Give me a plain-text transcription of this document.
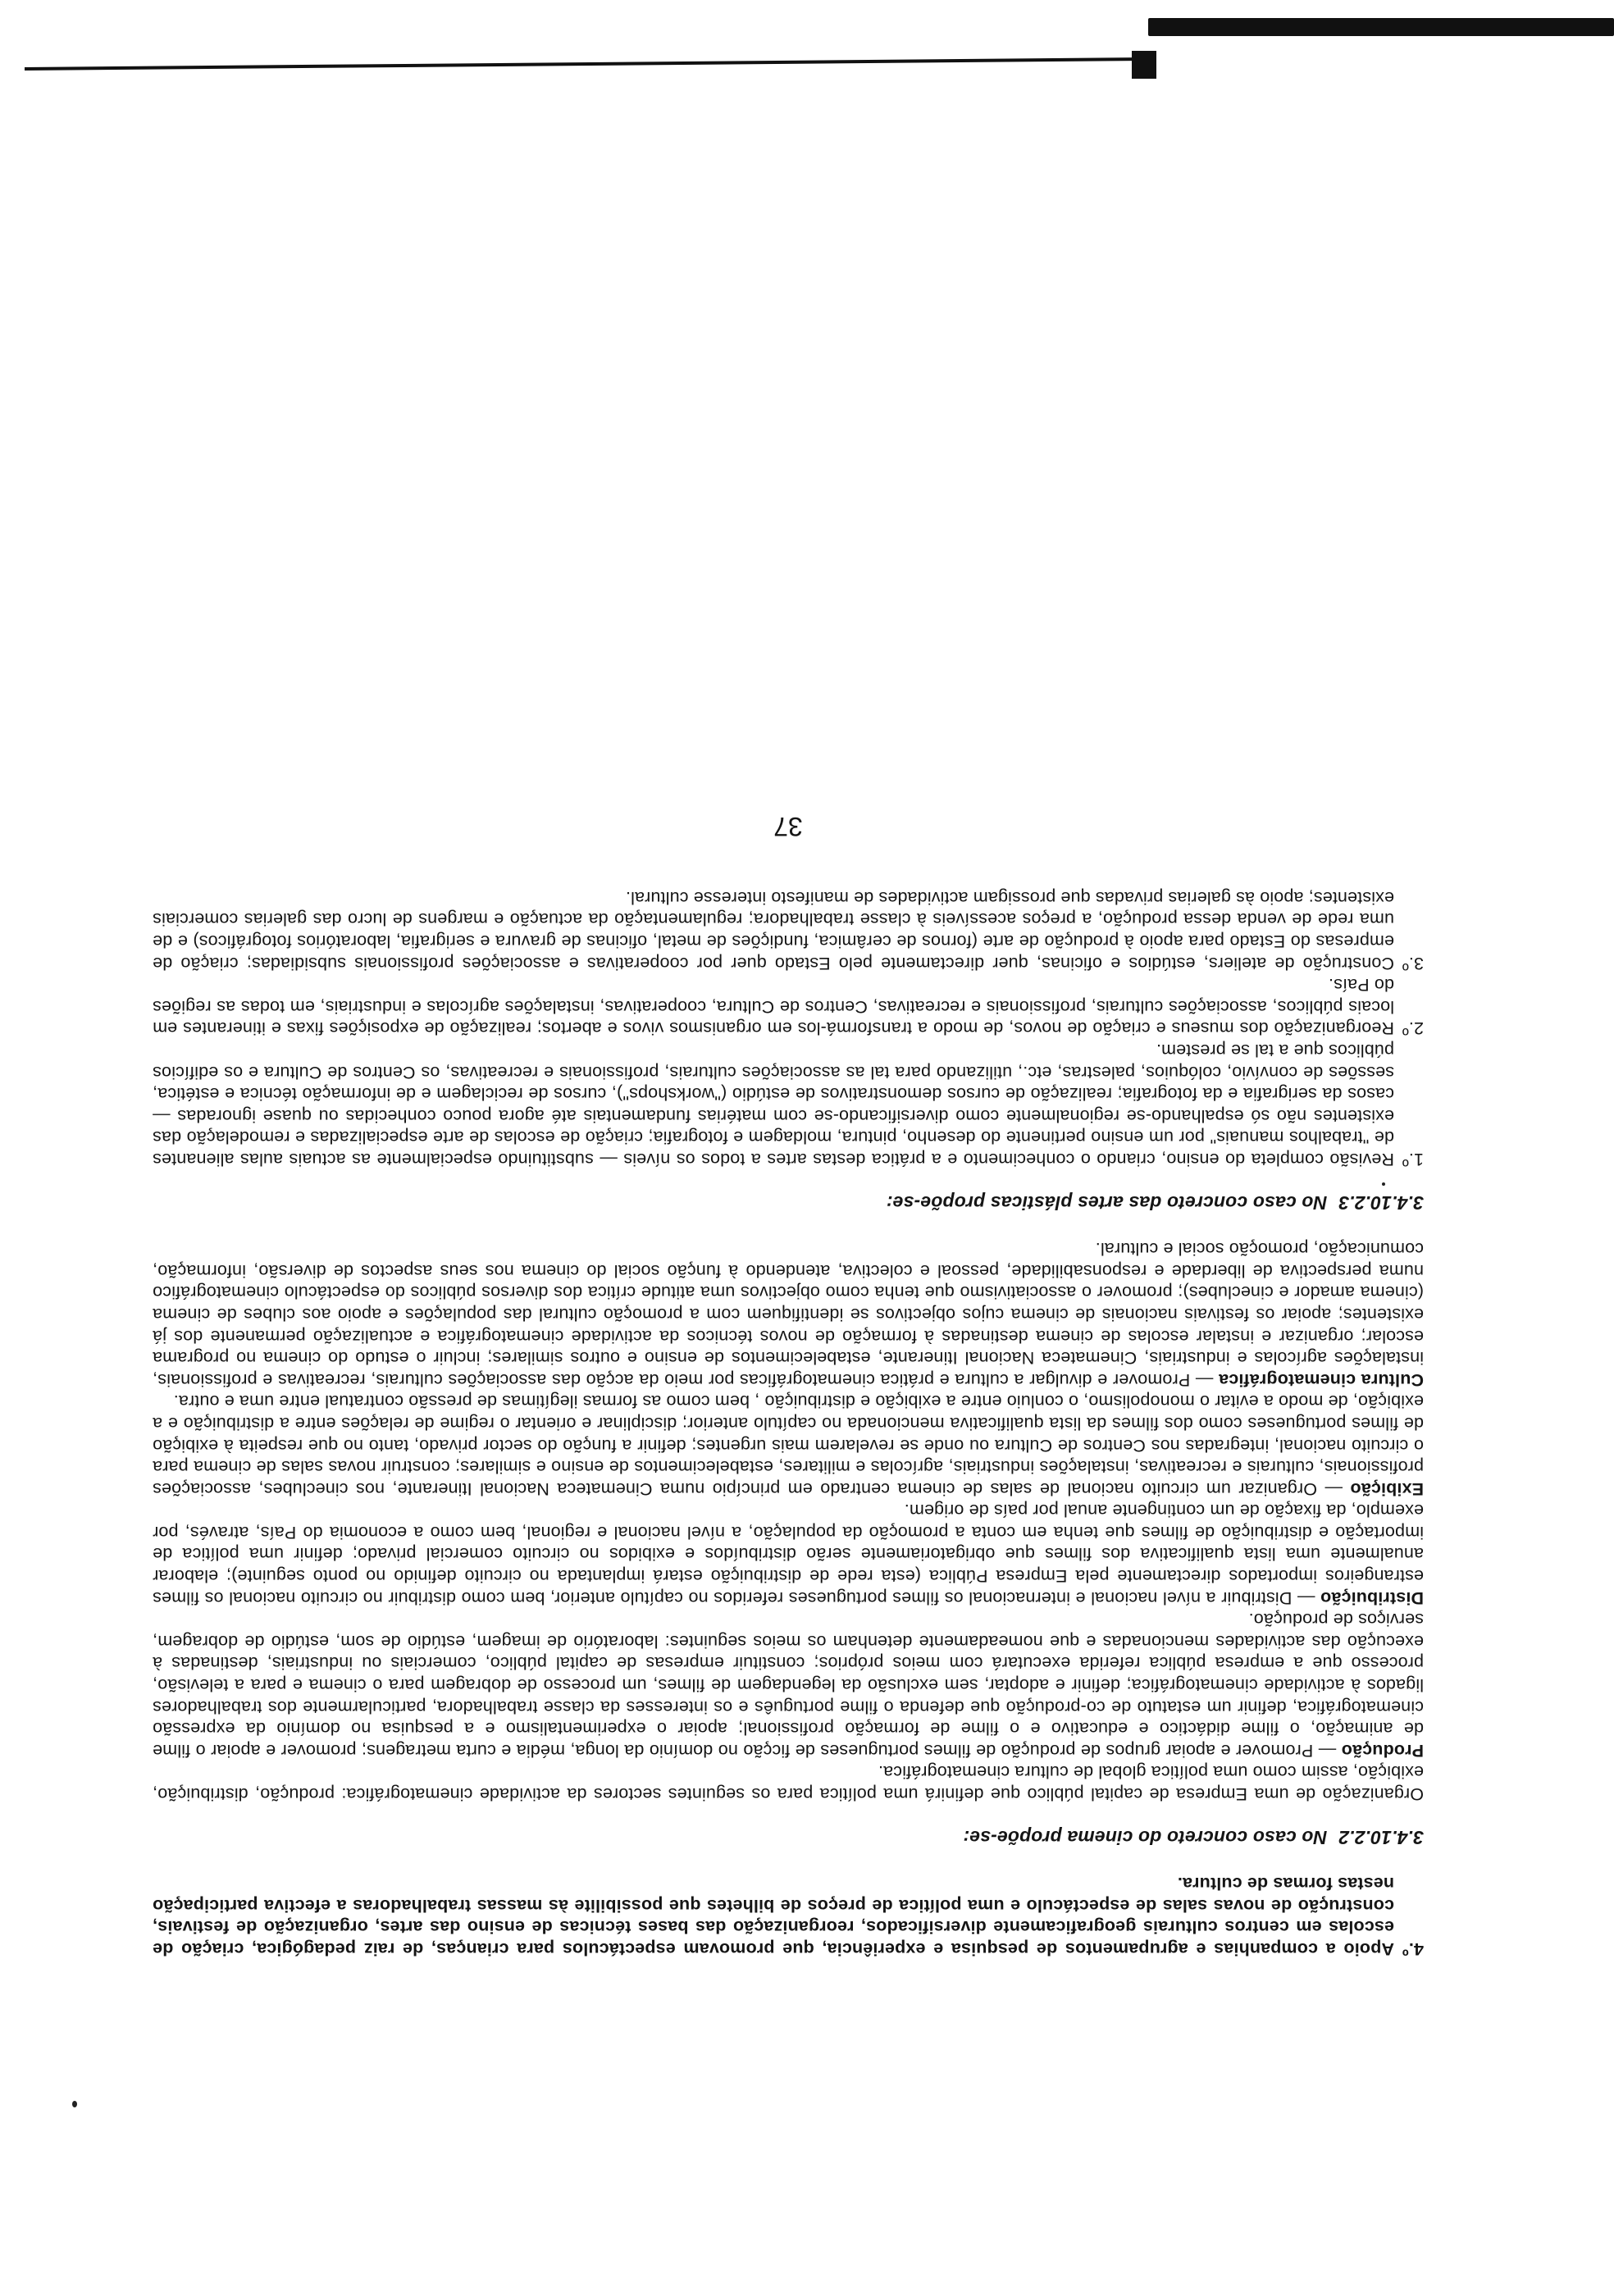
4.ºApoio a companhias e agrupamentos de pesquisa e experiência, que promovam espectáculos para crianças, de raiz pedagógica, criação de escolas em centros culturais geograficamente diversificados, reorganização das bases técnicas de ensino das artes, organização de festivais, construção de novas salas de espectáculo e uma política de preços de bilhetes que possibilite às massas trabalhadoras a efectiva participação nestas formas de cultura.

3.4.10.2.2No caso concreto do cinema propõe-se:

Organização de uma Empresa de capital público que definirá uma política para os seguintes sectores da actividade cinematográfica: produção, distribuição, exibição, assim como uma política global de cultura cinematográfica.

Produção — Promover e apoiar grupos de produção de filmes portugueses de ficção no domínio da longa, média e curta metragens; promover e apoiar o filme de animação, o filme didáctico e educativo e o filme de formação profissional; apoiar o experimentalismo e a pesquisa no domínio da expressão cinematográfica, definir um estatuto de co-produção que defenda o filme português e os interesses da classe trabalhadora, particularmente dos trabalhadores ligados à actividade cinematográfica; definir e adoptar, sem exclusão da legendagem de filmes, um processo de dobragem para o cinema e para a televisão, processo que a empresa pública referida executará com meios próprios; constituir empresas de capital público, comerciais ou industriais, destinadas à execução das actividades mencionadas e que nomeadamente detenham os meios seguintes: laboratório de imagem, estúdio de som, estúdio de dobragem, serviços de produção.

Distribuição — Distribuir a nível nacional e internacional os filmes portugueses referidos no capítulo anterior, bem como distribuir no circuito nacional os filmes estrangeiros importados directamente pela Empresa Pública (esta rede de distribuição estará implantada no circuito definido no ponto seguinte); elaborar anualmente uma lista qualificativa dos filmes que obrigatoriamente serão distribuídos e exibidos no circuito comercial privado; definir uma política de importação e distribuição de filmes que tenha em conta a promoção da população, a nível nacional e regional, bem como a economia do País, através, por exemplo, da fixação de um contingente anual por país de origem.

Exibição — Organizar um circuito nacional de salas de cinema centrado em princípio numa Cinemateca Nacional Itinerante, nos cineclubes, associações profissionais, culturais e recreativas, instalações industriais, agrícolas e militares, estabelecimentos de ensino e similares; construir novas salas de cinema para o circuito nacional, integradas nos Centros de Cultura ou onde se revelarem mais urgentes; definir a função do sector privado, tanto no que respeita à exibição de filmes portugueses como dos filmes da lista qualificativa mencionada no capítulo anterior; disciplinar e orientar o regime de relações entre a distribuição e a exibição, de modo a evitar o monopolismo, o conluio entre a exibição e distribuição , bem como as formas ilegítimas de pressão contratual entre uma e outra.

Cultura cinematográfica — Promover e divulgar a cultura e prática cinematográficas por meio da acção das associações culturais, recreativas e profissionais, instalações agrícolas e industriais, Cinemateca Nacional Itinerante, estabelecimentos de ensino e outros similares; incluir o estudo do cinema no programa escolar; organizar e instalar escolas de cinema destinadas à formação de novos técnicos da actividade cinematográfica e actualização permanente dos já existentes; apoiar os festivais nacionais de cinema cujos objectivos se identifiquem com a promoção cultural das populações e apoio aos clubes de cinema (cinema amador e cineclubes); promover o associativismo que tenha como objectivos uma atitude crítica dos diversos públicos do espectáculo cinematográfico numa perspectiva de liberdade e responsabilidade, pessoal e colectiva, atendendo à função social do cinema nos seus aspectos de diversão, informação, comunicação, promoção social e cultural.

3.4.10.2.3No caso concreto das artes plásticas propõe-se:

1.ºRevisão completa do ensino, criando o conhecimento e a prática destas artes a todos os níveis — substituindo especialmente as actuais aulas alienantes de "trabalhos manuais" por um ensino pertinente do desenho, pintura, moldagem e fotografia; criação de escolas de arte especializadas e remodelação das existentes não só espalhando-se regionalmente como diversificando-se com matérias fundamentais até agora pouco conhecidas ou quase ignoradas — casos da serigrafia e da fotografia; realização de cursos demonstrativos de estúdio ("workshops"), cursos de reciclagem e de informação técnica e estética, sessões de convívio, colóquios, palestras, etc., utilizando para tal as associações culturais, profissionais e recreativas, os Centros de Cultura e os edifícios públicos que a tal se prestem.

2.ºReorganização dos museus e criação de novos, de modo a transformá-los em organismos vivos e abertos; realização de exposições fixas e itinerantes em locais públicos, associações culturais, profissionais e recreativas, Centros de Cultura, cooperativas, instalações agrícolas e industriais, em todas as regiões do País.

3.ºConstrução de ateliers, estúdios e oficinas, quer directamente pelo Estado quer por cooperativas e associações profissionais subsidiadas; criação de empresas do Estado para apoio à produção de arte (fornos de cerâmica, fundições de metal, oficinas de gravura e serigrafia, laboratórios fotográficos) e de uma rede de venda dessa produção, a preços acessíveis à classe trabalhadora; regulamentação da actuação e margens de lucro das galerias comerciais existentes; apoio às galerias privadas que prossigam actividades de manifesto interesse cultural.

37
